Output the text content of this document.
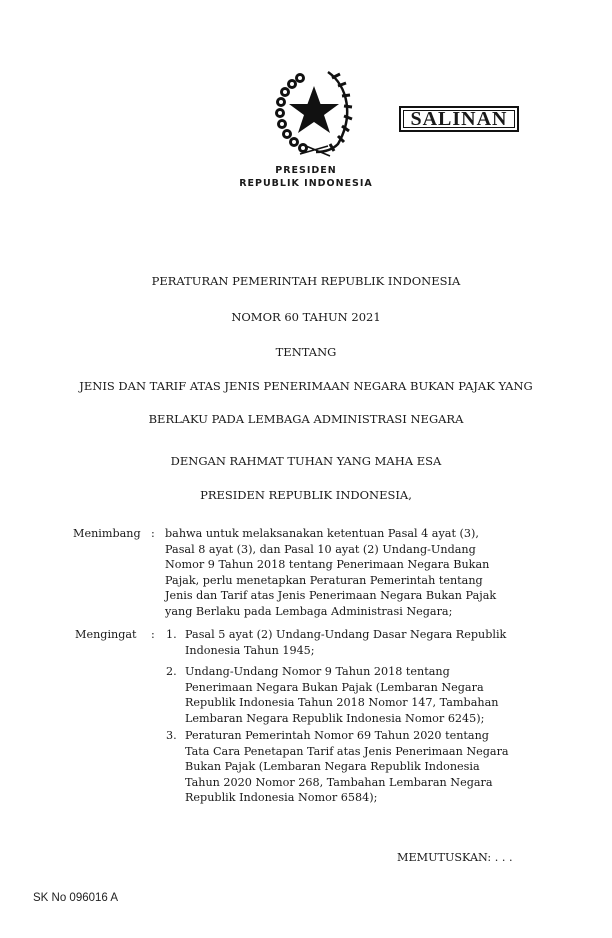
SALINAN
PRESIDEN
REPUBLIK INDONESIA
PERATURAN PEMERINTAH REPUBLIK INDONESIA
NOMOR 60 TAHUN 2021
TENTANG
JENIS DAN TARIF ATAS JENIS PENERIMAAN NEGARA BUKAN PAJAK YANG
BERLAKU PADA LEMBAGA ADMINISTRASI NEGARA
DENGAN RAHMAT TUHAN YANG MAHA ESA
PRESIDEN REPUBLIK INDONESIA,
Menimbang : bahwa untuk melaksanakan ketentuan Pasal 4 ayat (3),
Pasal 8 ayat (3), dan Pasal 10 ayat (2) Undang-Undang
Nomor 9 Tahun 2018 tentang Penerimaan Negara Bukan
Pajak, perlu menetapkan Peraturan Pemerintah tentang
Jenis dan Tarif atas Jenis Penerimaan Negara Bukan Pajak
yang Berlaku pada Lembaga Administrasi Negara;
Mengingat : 1. Pasal 5 ayat (2) Undang-Undang Dasar Negara Republik
Indonesia Tahun 1945;
2. Undang-Undang Nomor 9 Tahun 2018 tentang
Penerimaan Negara Bukan Pajak (Lembaran Negara
Republik Indonesia Tahun 2018 Nomor 147, Tambahan
Lembaran Negara Republik Indonesia Nomor 6245);
3. Peraturan Pemerintah Nomor 69 Tahun 2020 tentang
Tata Cara Penetapan Tarif atas Jenis Penerimaan Negara
Bukan Pajak (Lembaran Negara Republik Indonesia
Tahun 2020 Nomor 268, Tambahan Lembaran Negara
Republik Indonesia Nomor 6584);
MEMUTUSKAN: . . .
SK No 096016 A
